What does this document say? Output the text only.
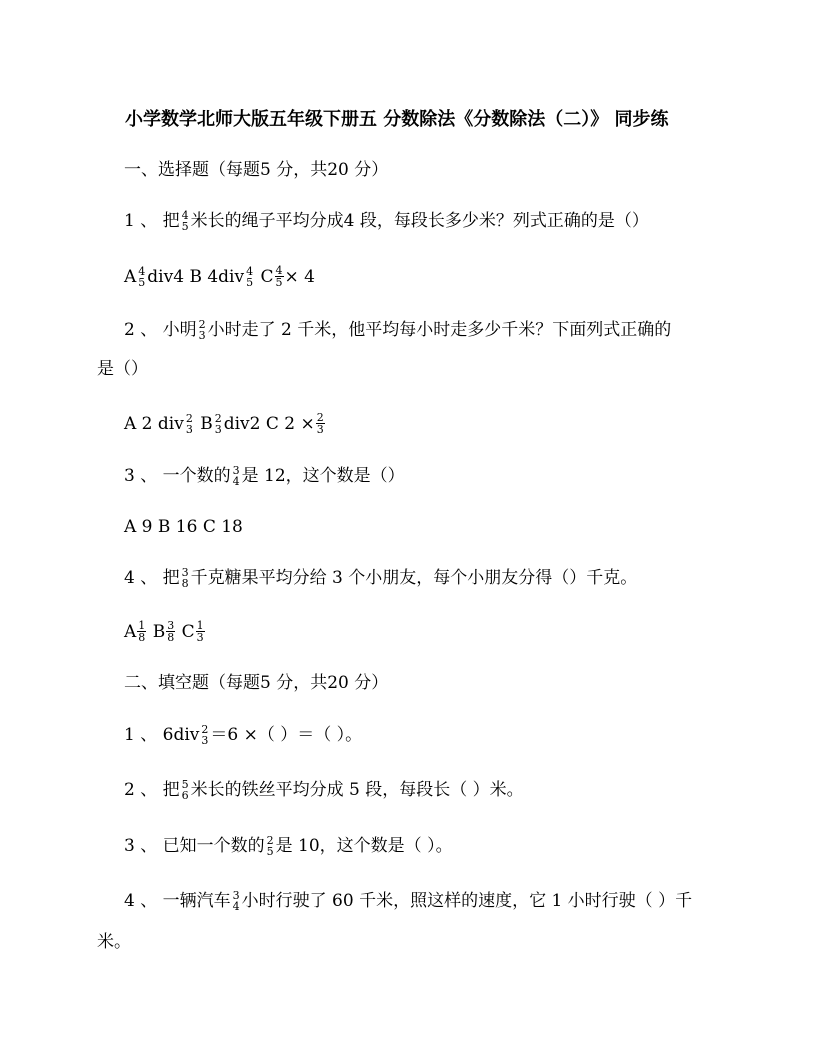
小学数学北师大版五年级下册五 分数除法《分数除法（二）》 同步练
一、选择题（每题5 分，共20 分）
1 、 把 4
5 米长的绳子平均分成4 段，每段长多少米？列式正确的是（）
A 4
5 div4 B 4div 4
5 C $\frac{4}{5} \times 4$
2 、 小明 2
3 小时走了 2 千米，他平均每小时走多少千米？下面列式正确的
是（）
A 2 div 2
3 B 2
3 div2 C $2 \times \frac{2}{3}$
3 、 一个数的 3
4 是 12，这个数是（）
A 9 B 16 C 18
4 、 把 3
8 千克糖果平均分给 3 个小朋友，每个小朋友分得（）千克。
A $\frac{1}{8}$ B $\frac{3}{8}$ C $\frac{1}{3}$
二、填空题（每题5 分，共20 分）
1 、 6div 2
3 ＝6 ×（ ）＝（ ）。
2 、 把 5
6 米长的铁丝平均分成 5 段，每段长（ ）米。
3 、 已知一个数的 2
5 是 10，这个数是（ ）。
4 、 一辆汽车 3
4 小时行驶了 60 千米，照这样的速度，它 1 小时行驶（ ）千
米。
